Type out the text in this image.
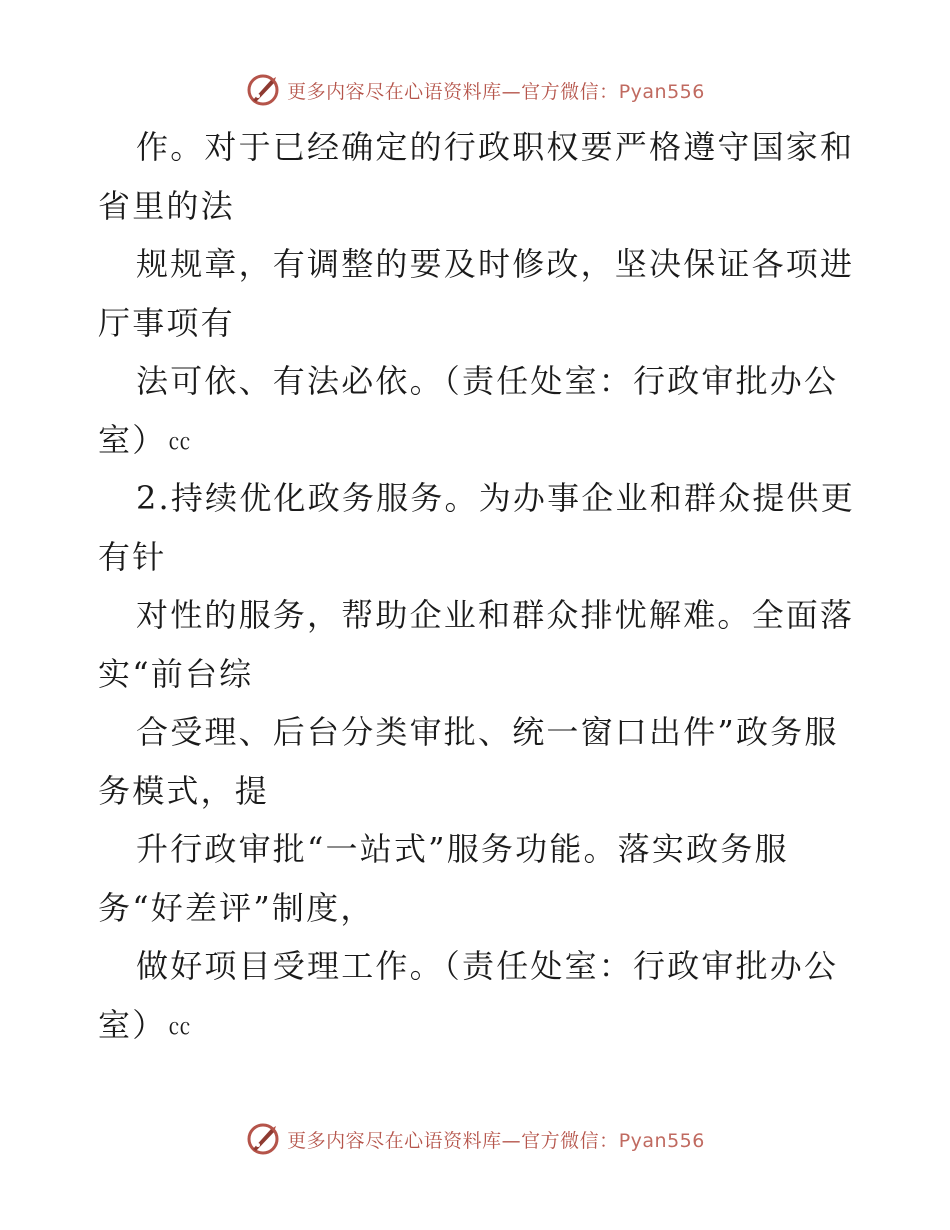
更多内容尽在心语资料库—官方微信：Pyan556
作。对于已经确定的行政职权要严格遵守国家和
省里的法
规规章，有调整的要及时修改，坚决保证各项进
厅事项有
法可依、有法必依。（责任处室：行政审批办公
室）㏄
2.持续优化政务服务。为办事企业和群众提供更
有针
对性的服务，帮助企业和群众排忧解难。全面落
实“前台综
合受理、后台分类审批、统一窗口出件”政务服
务模式，提
升行政审批“一站式”服务功能。落实政务服
务“好差评”制度，
做好项目受理工作。（责任处室：行政审批办公
室）㏄
更多内容尽在心语资料库—官方微信：Pyan556
